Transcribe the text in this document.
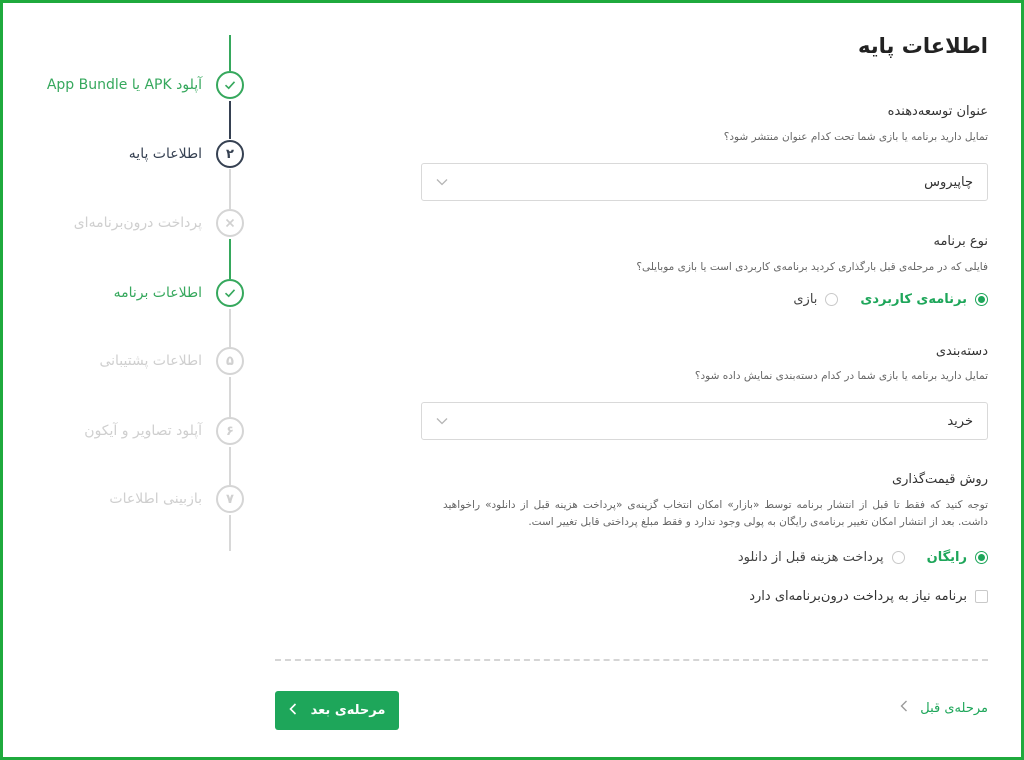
آپلود APK یا App Bundle
اطلاعات پایه	۲
پرداخت درون‌برنامه‌ای
اطلاعات برنامه
اطلاعات پشتیبانی	۵
آپلود تصاویر و آیکون	۶
بازبینی اطلاعات	۷
اطلاعات پایه
عنوان توسعه‌دهنده
تمایل دارید برنامه یا بازی شما تحت کدام عنوان منتشر شود؟
چاپیروس
نوع برنامه
فایلی که در مرحله‌ی قبل بارگذاری کردید برنامه‌ی کاربردی است یا بازی موبایلی؟
برنامه‌ی کاربردی
بازی
دسته‌بندی
تمایل دارید برنامه یا بازی شما در کدام دسته‌بندی نمایش داده شود؟
خرید
روش قیمت‌گذاری
توجه کنید که فقط تا قبل از انتشار برنامه توسط «بازار» امکان انتخاب گزینه‌ی «پرداخت هزینه قبل از دانلود» راخواهید داشت. بعد از انتشار امکان تغییر برنامه‌ی رایگان به پولی وجود ندارد و فقط مبلغ پرداختی قابل تغییر است.
رایگان
پرداخت هزینه قبل از دانلود
برنامه نیاز به پرداخت درون‌برنامه‌ای دارد
مرحله‌ی بعد	مرحله‌ی قبل
